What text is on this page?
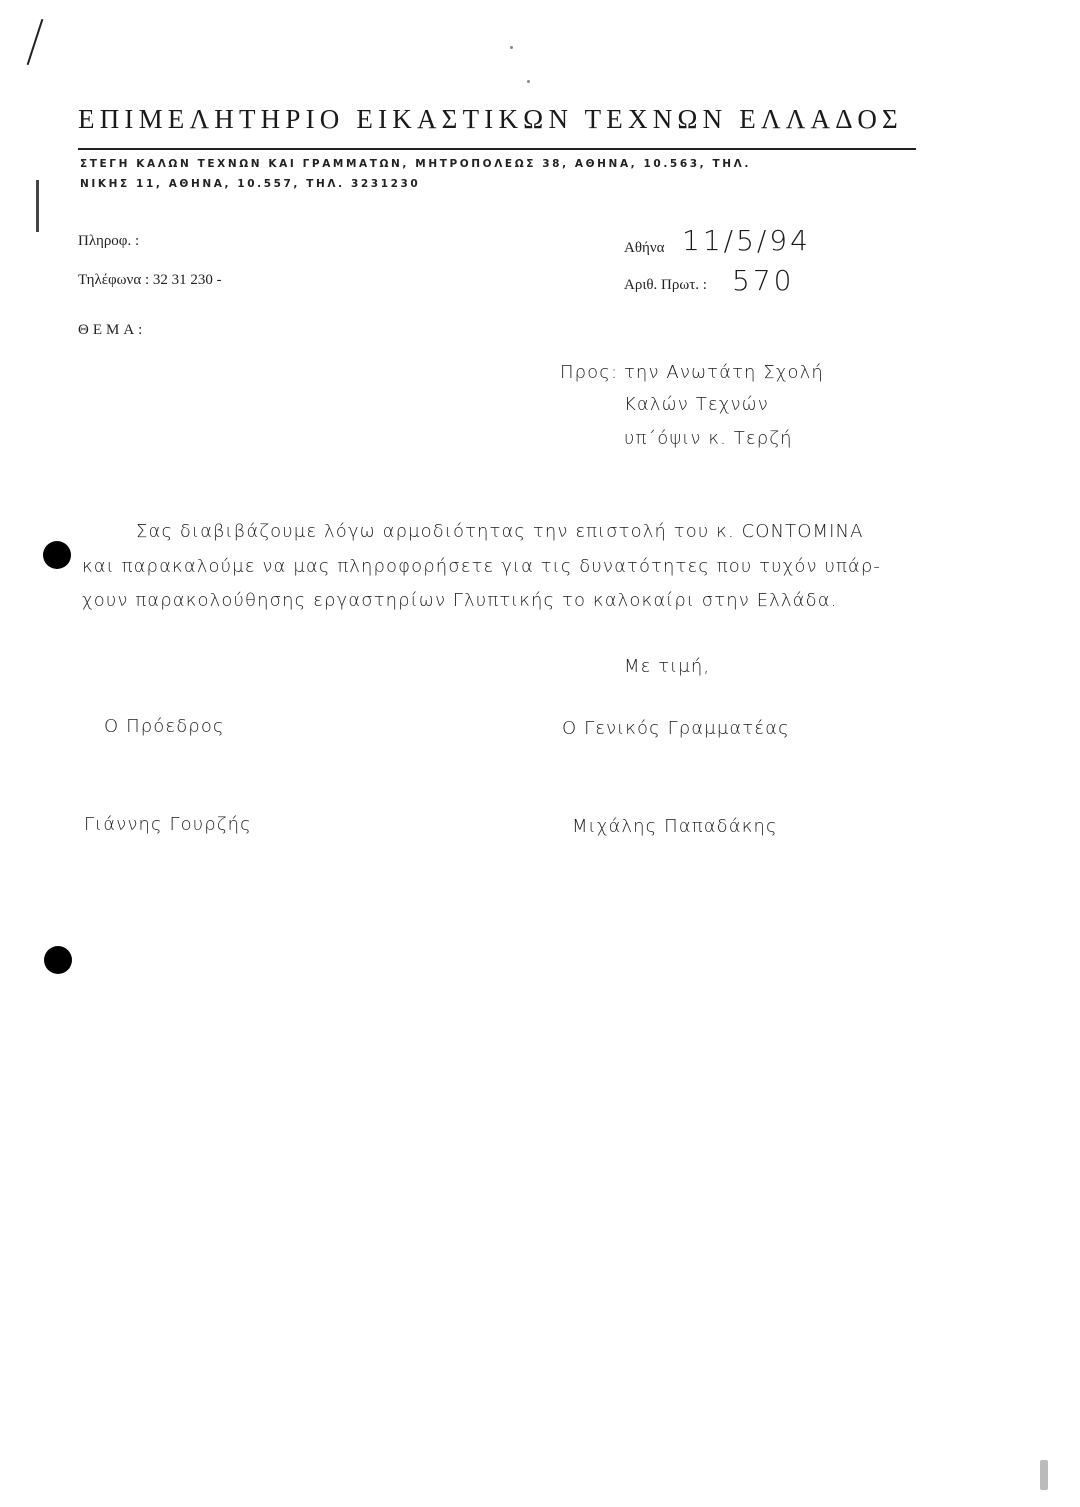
ΕΠΙΜΕΛΗΤΗΡΙΟ ΕΙΚΑΣΤΙΚΩΝ ΤΕΧΝΩΝ ΕΛΛΑΔΟΣ
ΣΤΕΓΗ ΚΑΛΩΝ ΤΕΧΝΩΝ ΚΑΙ ΓΡΑΜΜΑΤΩΝ, ΜΗΤΡΟΠΟΛΕΩΣ 38, ΑΘΗΝΑ, 10.563, ΤΗΛ.
ΝΙΚΗΣ 11, ΑΘΗΝΑ, 10.557, ΤΗΛ. 3231230
Πληροφ. :
Τηλέφωνα : 32 31 230 -
Αθήνα 11/5/94
Αριθ. Πρωτ. : 570
ΘΕΜΑ:
Προς: την Ανωτάτη Σχολή
Καλών Τεχνών
υπ΄όψιν κ. Τερζή
Σας διαβιβάζουμε λόγω αρμοδιότητας την επιστολή του κ. CONTOMINA
και παρακαλούμε να μας πληροφορήσετε για τις δυνατότητες που τυχόν υπάρ-
χουν παρακολούθησης εργαστηρίων Γλυπτικής το καλοκαίρι στην Ελλάδα.
Με τιμή,
Ο Πρόεδρος	Ο Γενικός Γραμματέας
Γιάννης Γουρζής	Μιχάλης Παπαδάκης
